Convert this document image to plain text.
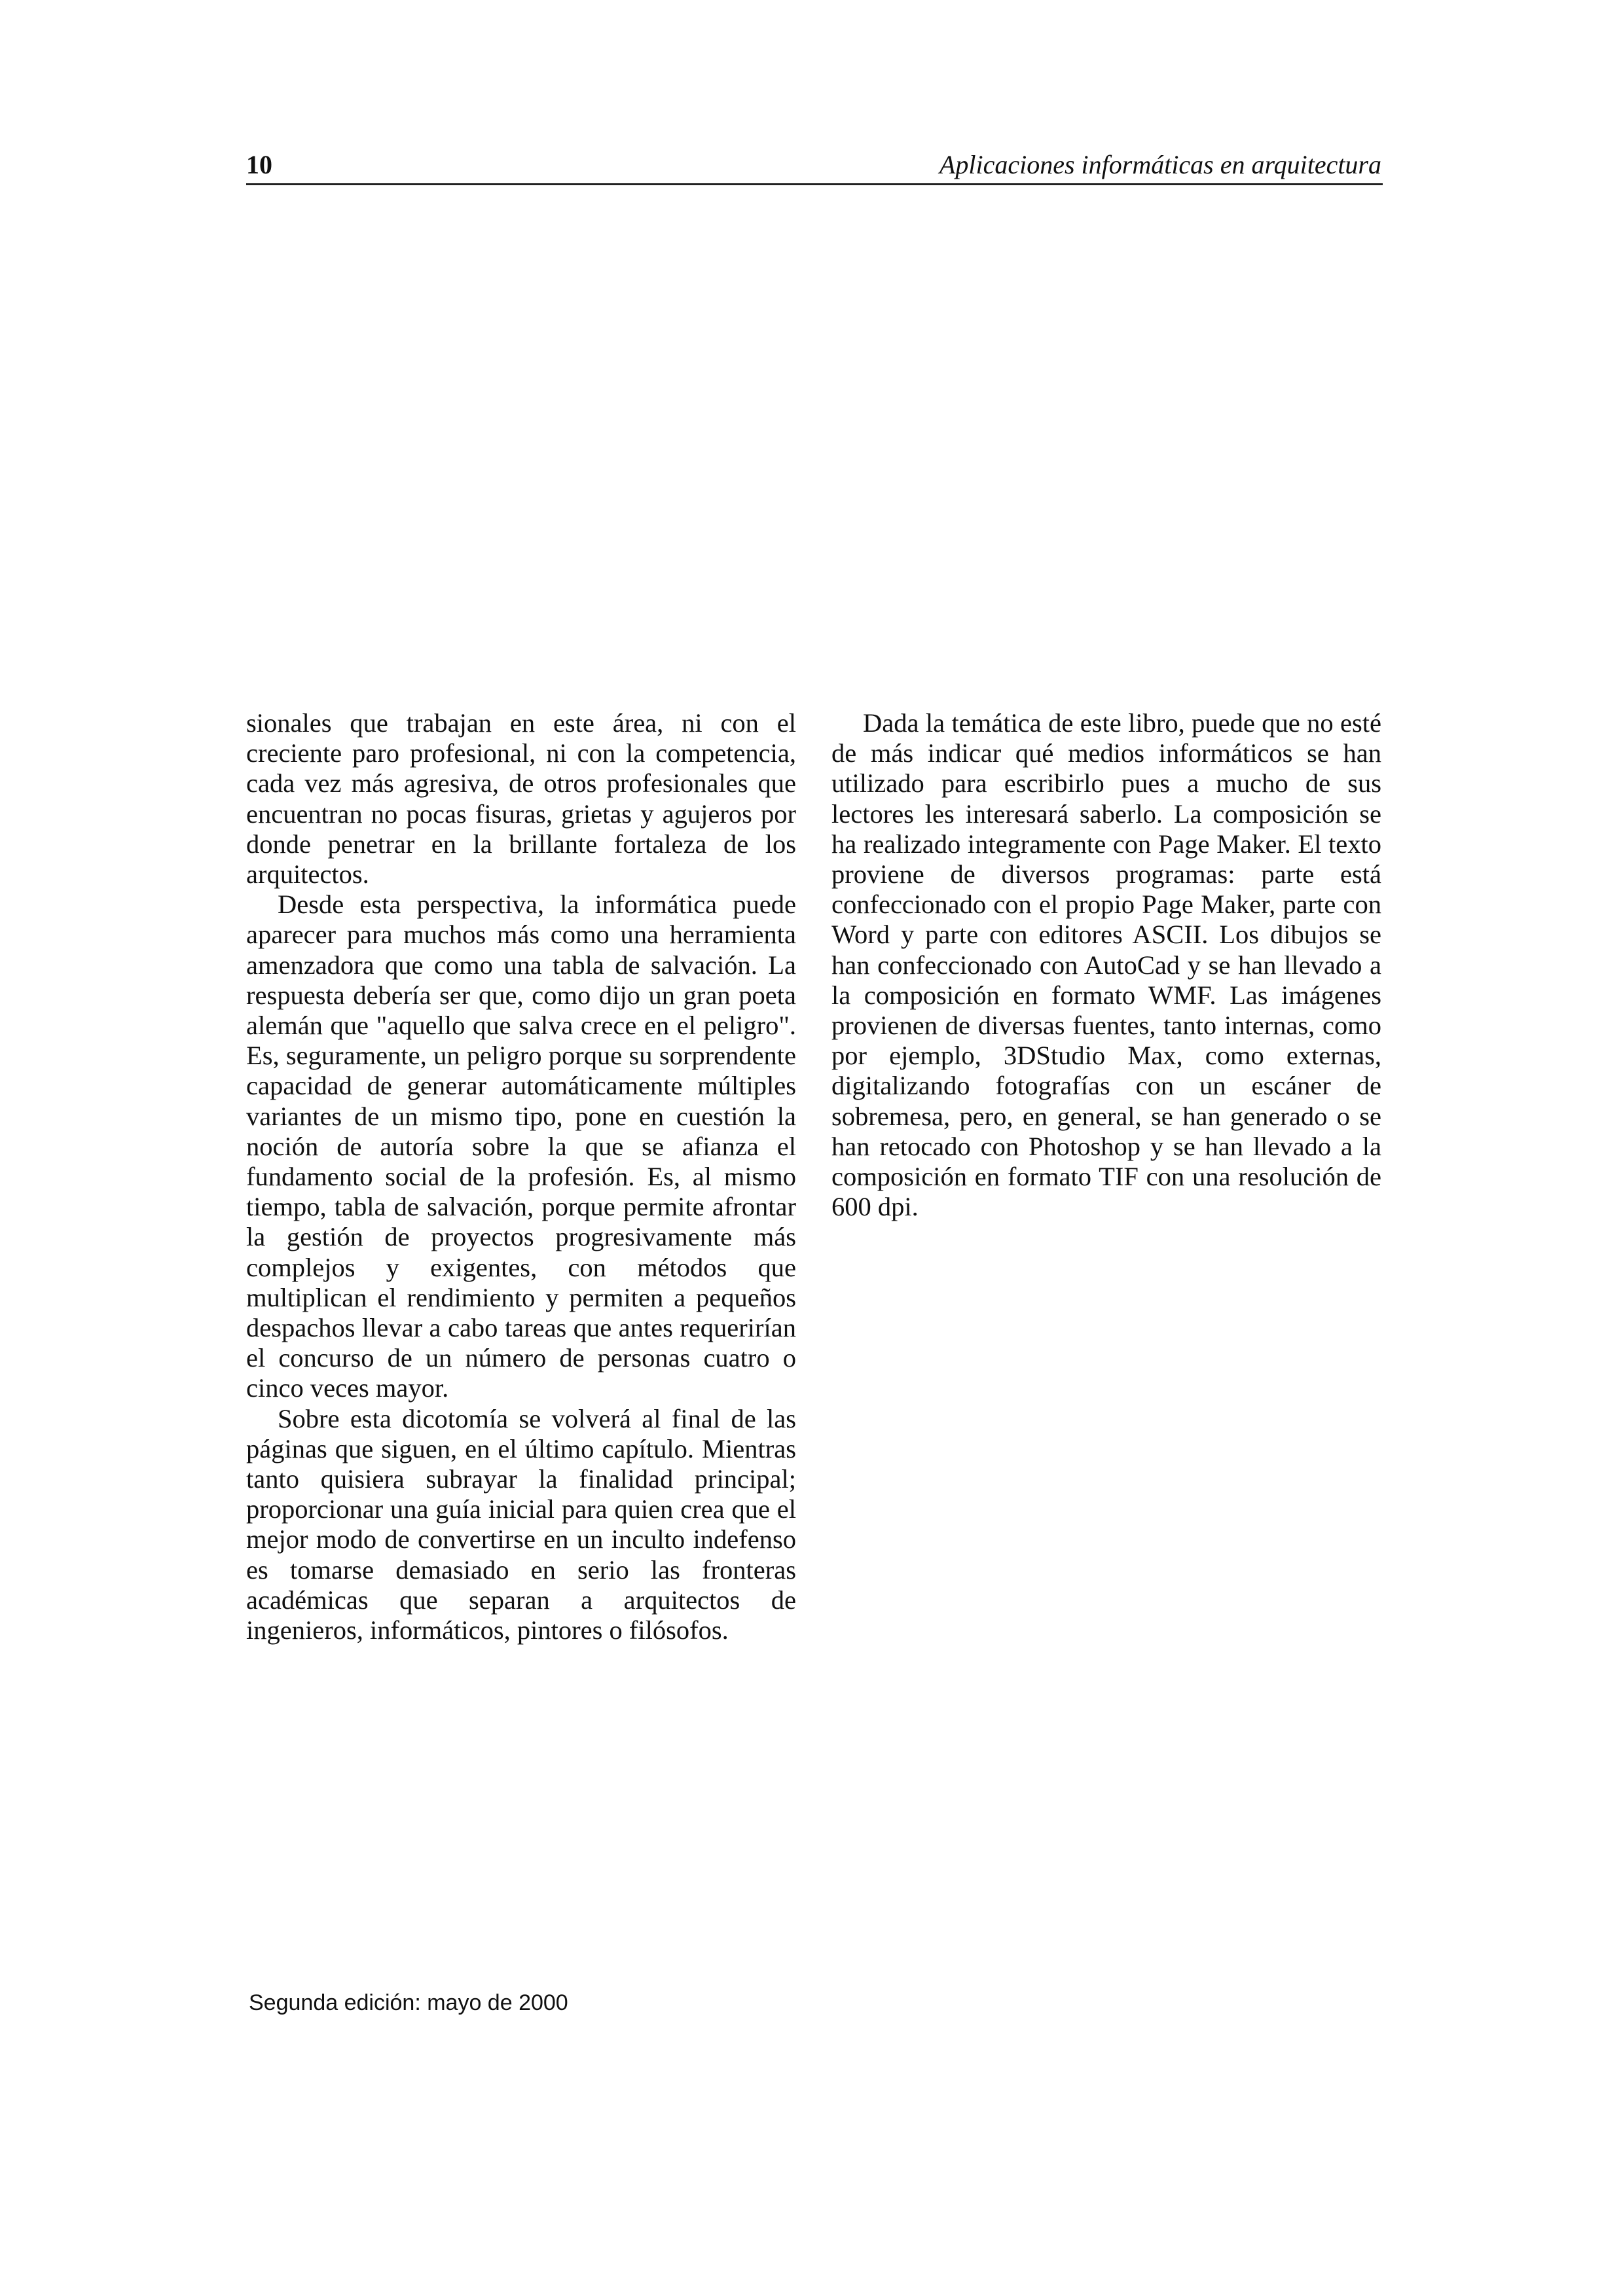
10	Aplicaciones informáticas en arquitectura

sionales que trabajan en este área, ni con el creciente paro profesional, ni con la competencia, cada vez más agresiva, de otros profesionales que encuentran no pocas fisuras, grietas y agujeros por donde penetrar en la brillante fortaleza de los arquitectos.

Desde esta perspectiva, la informática puede aparecer para muchos más como una herramienta amenzadora que como una tabla de salvación. La respuesta debería ser que, como dijo un gran poeta alemán que "aquello que salva crece en el peligro". Es, seguramente, un peligro porque su sorprendente capacidad de generar automáticamente múltiples variantes de un mismo tipo, pone en cuestión la noción de autoría sobre la que se afianza el fundamento social de la profesión. Es, al mismo tiempo, tabla de salvación, porque permite afrontar la gestión de proyectos progresivamente más complejos y exigentes, con métodos que multiplican el rendimiento y permiten a pequeños despachos llevar a cabo tareas que antes requerirían el concurso de un número de personas cuatro o cinco veces mayor.

Sobre esta dicotomía se volverá al final de las páginas que siguen, en el último capítulo. Mientras tanto quisiera subrayar la finalidad principal; proporcionar una guía inicial para quien crea que el mejor modo de convertirse en un inculto indefenso es tomarse demasiado en serio las fronteras académicas que separan a arquitectos de ingenieros, informáticos, pintores o filósofos.

Dada la temática de este libro, puede que no esté de más indicar qué medios informáticos se han utilizado para escribirlo pues a mucho de sus lectores les interesará saberlo. La composición se ha realizado integramente con Page Maker. El texto proviene de diversos programas: parte está confeccionado con el propio Page Maker, parte con Word y parte con editores ASCII. Los dibujos se han confeccionado con AutoCad y se han llevado a la composición en formato WMF. Las imágenes provienen de diversas fuentes, tanto internas, como por ejemplo, 3DStudio Max, como externas, digitalizando fotografías con un escáner de sobremesa, pero, en general, se han generado o se han retocado con Photoshop y se han llevado a la composición en formato TIF con una resolución de 600 dpi.

Segunda edición: mayo de 2000
